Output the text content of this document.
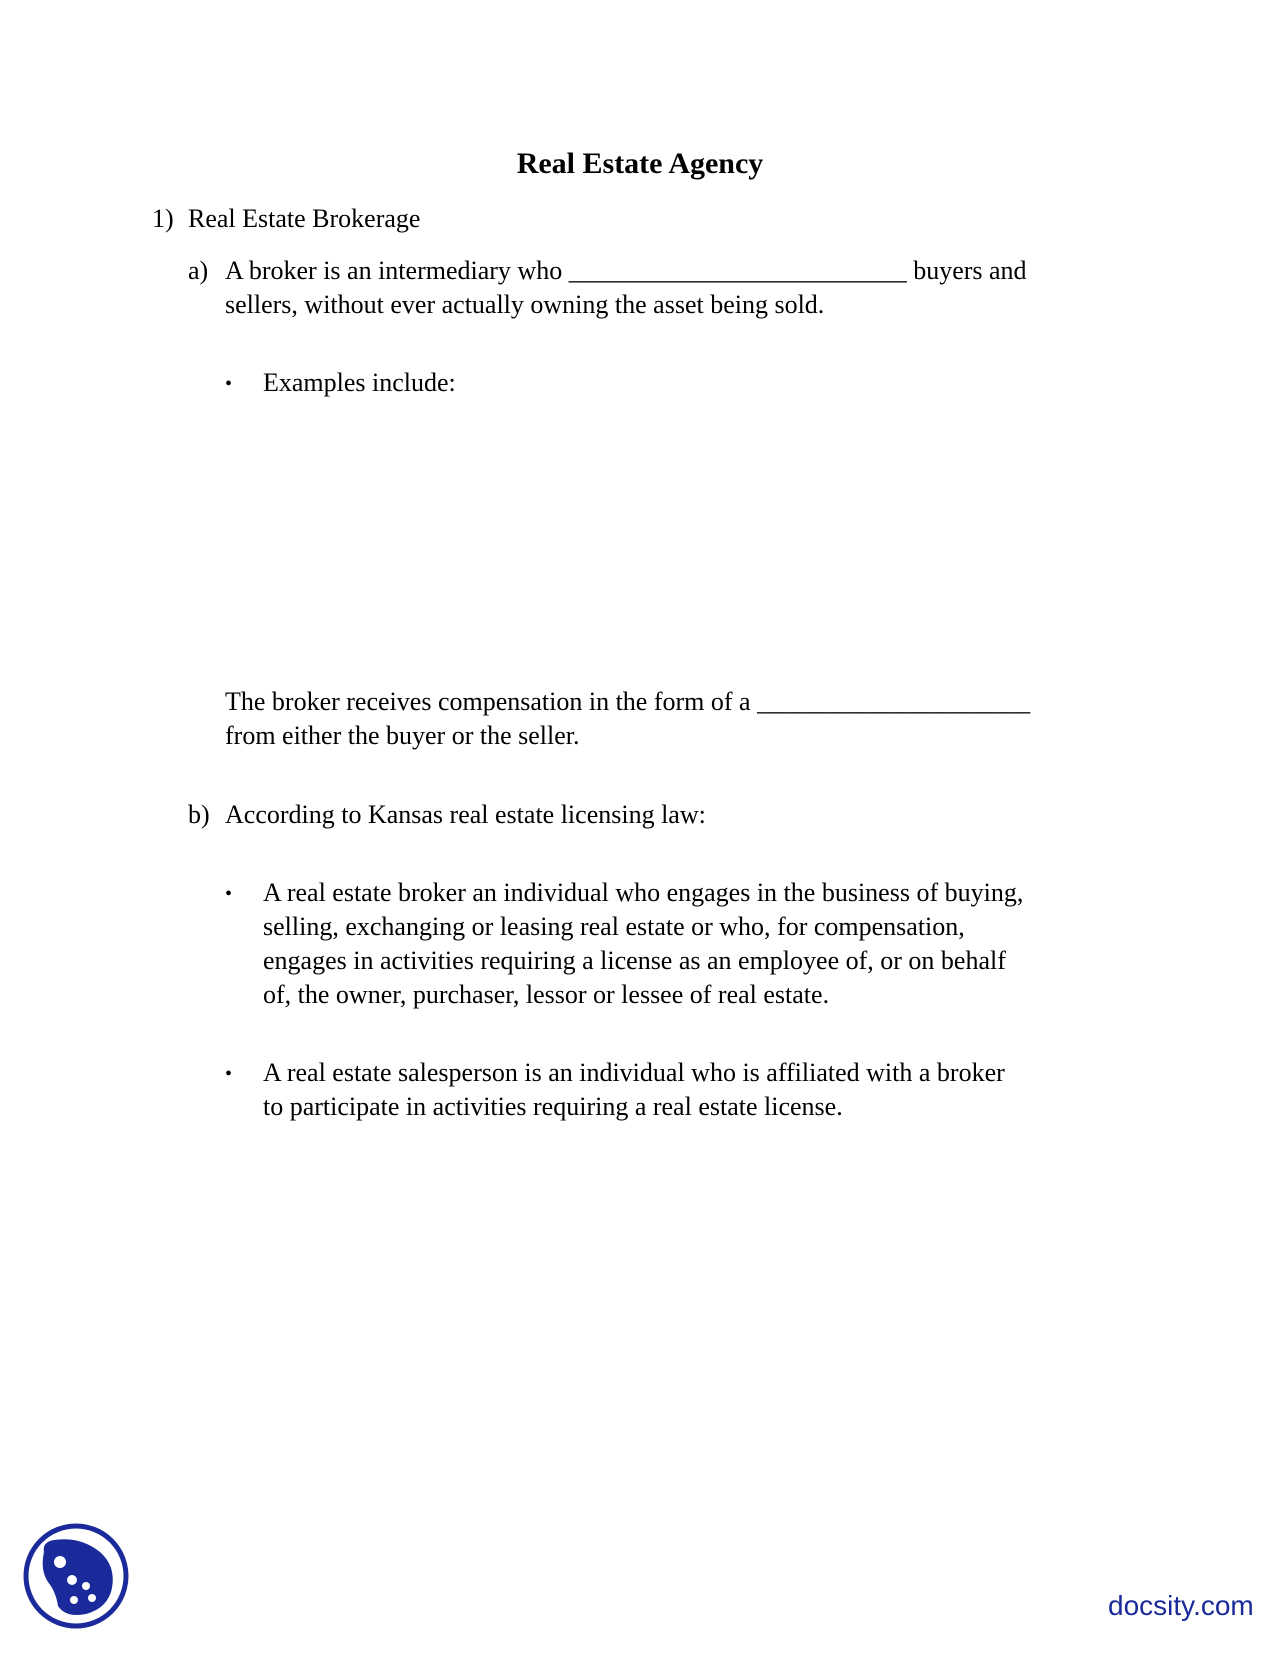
Real Estate Agency
1) Real Estate Brokerage
a) A broker is an intermediary who __________________________ buyers and
sellers, without ever actually owning the asset being sold.
• Examples include:
The broker receives compensation in the form of a _____________________
from either the buyer or the seller.
b) According to Kansas real estate licensing law:
• A real estate broker an individual who engages in the business of buying,
selling, exchanging or leasing real estate or who, for compensation,
engages in activities requiring a license as an employee of, or on behalf
of, the owner, purchaser, lessor or lessee of real estate.
• A real estate salesperson is an individual who is affiliated with a broker
to participate in activities requiring a real estate license.
docsity.com
